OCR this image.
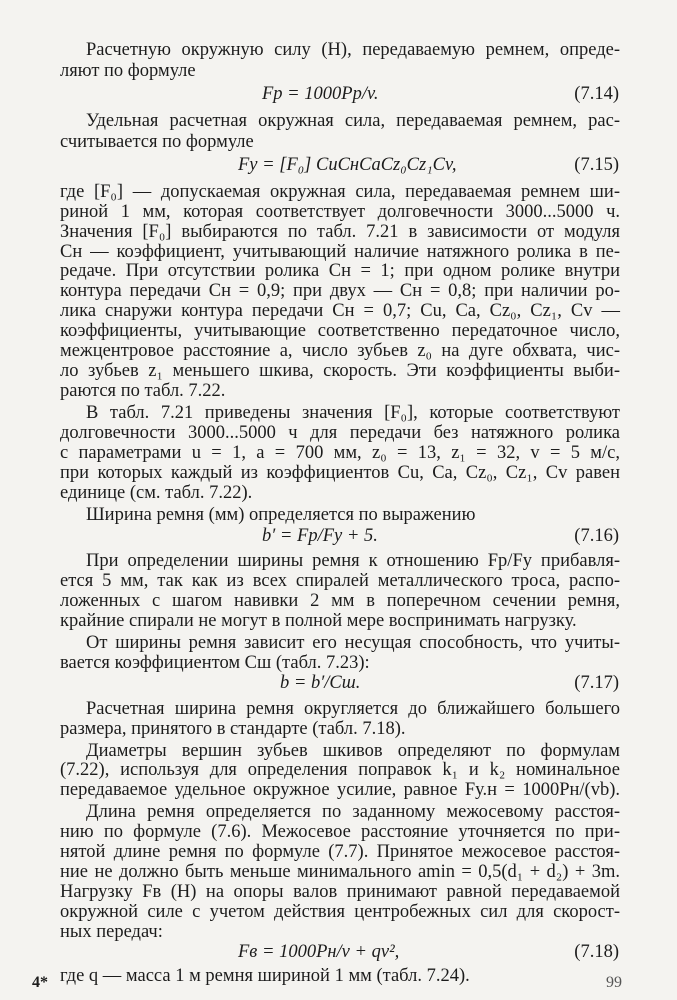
Расчетную окружную силу (Н), передаваемую ремнем, опреде-
ляют по формуле
Fр = 1000Pр/v.	(7.14)
Удельная расчетная окружная сила, передаваемая ремнем, рас-
считывается по формуле
Fу = [F₀] CuCнCaCz₀Cz₁Cv,	(7.15)
где [F₀] — допускаемая окружная сила, передаваемая ремнем ши-
риной 1 мм, которая соответствует долговечности 3000...5000 ч.
Значения [F₀] выбираются по табл. 7.21 в зависимости от модуля
Cн — коэффициент, учитывающий наличие натяжного ролика в пе-
редаче. При отсутствии ролика Cн = 1; при одном ролике внутри
контура передачи Cн = 0,9; при двух — Cн = 0,8; при наличии ро-
лика снаружи контура передачи Cн = 0,7; Cu, Ca, Cz₀, Cz₁, Cv —
коэффициенты, учитывающие соответственно передаточное число,
межцентровое расстояние a, число зубьев z₀ на дуге обхвата, чис-
ло зубьев z₁ меньшего шкива, скорость. Эти коэффициенты выби-
раются по табл. 7.22.
В табл. 7.21 приведены значения [F₀], которые соответствуют
долговечности 3000...5000 ч для передачи без натяжного ролика
с параметрами u = 1, a = 700 мм, z₀ = 13, z₁ = 32, v = 5 м/с,
при которых каждый из коэффициентов Cu, Ca, Cz₀, Cz₁, Cv равен
единице (см. табл. 7.22).
Ширина ремня (мм) определяется по выражению
b′ = Fр/Fу + 5.	(7.16)
При определении ширины ремня к отношению Fр/Fу прибавля-
ется 5 мм, так как из всех спиралей металлического троса, распо-
ложенных с шагом навивки 2 мм в поперечном сечении ремня,
крайние спирали не могут в полной мере воспринимать нагрузку.
От ширины ремня зависит его несущая способность, что учиты-
вается коэффициентом Cш (табл. 7.23):
b = b′/Cш.	(7.17)
Расчетная ширина ремня округляется до ближайшего большего
размера, принятого в стандарте (табл. 7.18).
Диаметры вершин зубьев шкивов определяют по формулам
(7.22), используя для определения поправок k₁ и k₂ номинальное
передаваемое удельное окружное усилие, равное Fу.н = 1000Pн/(vb).
Длина ремня определяется по заданному межосевому расстоя-
нию по формуле (7.6). Межосевое расстояние уточняется по при-
нятой длине ремня по формуле (7.7). Принятое межосевое расстоя-
ние не должно быть меньше минимального amin = 0,5(d₁ + d₂) + 3m.
Нагрузку Fв (Н) на опоры валов принимают равной передаваемой
окружной силе с учетом действия центробежных сил для скорост-
ных передач:
Fв = 1000Pн/v + qv²,	(7.18)
где q — масса 1 м ремня шириной 1 мм (табл. 7.24).	99
4*
